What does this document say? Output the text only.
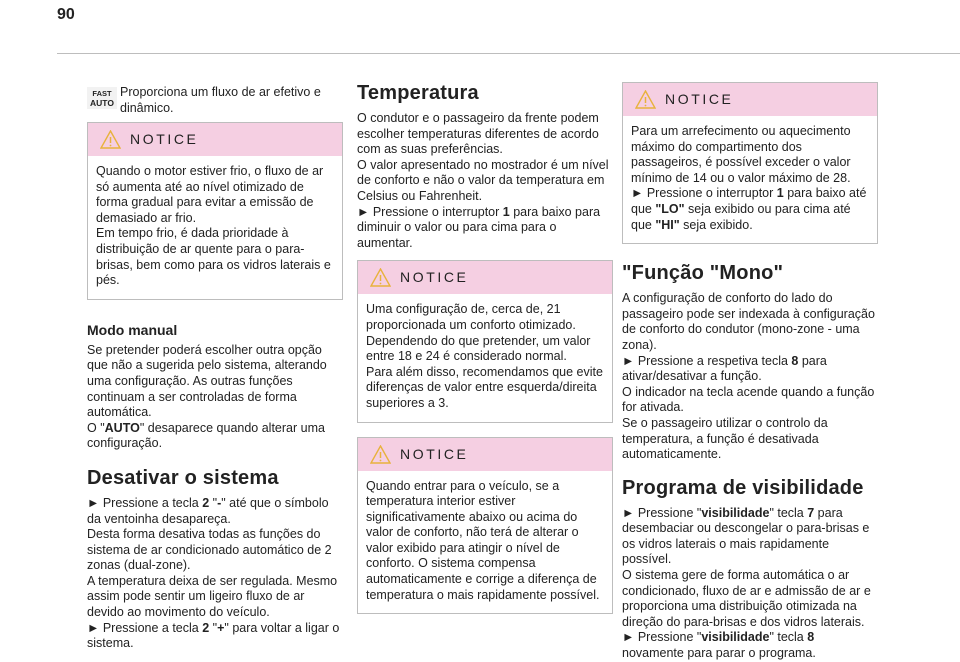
90
FAST
AUTO
Proporciona um fluxo de ar efetivo e dinâmico.
NOTICE
Quando o motor estiver frio, o fluxo de ar só aumenta até ao nível otimizado de forma gradual para evitar a emissão de demasiado ar frio.
Em tempo frio, é dada prioridade à distribuição de ar quente para o para-brisas, bem como para os vidros laterais e pés.
Modo manual

Se pretender poderá escolher outra opção que não a sugerida pelo sistema, alterando uma configuração. As outras funções continuam a ser controladas de forma automática.

O "AUTO" desaparece quando alterar uma configuração.

Desativar o sistema

► Pressione a tecla 2 "-" até que o símbolo da ventoinha desapareça.
Desta forma desativa todas as funções do sistema de ar condicionado automático de 2 zonas (dual-zone).
A temperatura deixa de ser regulada. Mesmo assim pode sentir um ligeiro fluxo de ar devido ao movimento do veículo.
► Pressione a tecla 2 "+" para voltar a ligar o sistema.

Temperatura

O condutor e o passageiro da frente podem escolher temperaturas diferentes de acordo com as suas preferências.
O valor apresentado no mostrador é um nível de conforto e não o valor da temperatura em Celsius ou Fahrenheit.
► Pressione o interruptor 1 para baixo para diminuir o valor ou para cima para o aumentar.

NOTICE
Uma configuração de, cerca de, 21 proporcionada um conforto otimizado. Dependendo do que pretender, um valor entre 18 e 24 é considerado normal.
Para além disso, recomendamos que evite diferenças de valor entre esquerda/direita superiores a 3.
NOTICE
Quando entrar para o veículo, se a temperatura interior estiver significativamente abaixo ou acima do valor de conforto, não terá de alterar o valor exibido para atingir o nível de conforto. O sistema compensa automaticamente e corrige a diferença de temperatura o mais rapidamente possível.
NOTICE
Para um arrefecimento ou aquecimento máximo do compartimento dos passageiros, é possível exceder o valor mínimo de 14 ou o valor máximo de 28.
► Pressione o interruptor 1 para baixo até que "LO" seja exibido ou para cima até que "HI" seja exibido.
"Função "Mono"

A configuração de conforto do lado do passageiro pode ser indexada à configuração de conforto do condutor (mono-zone - uma zona).
► Pressione a respetiva tecla 8 para ativar/desativar a função.
O indicador na tecla acende quando a função for ativada.
Se o passageiro utilizar o controlo da temperatura, a função é desativada automaticamente.

Programa de visibilidade

► Pressione "visibilidade" tecla 7 para desembaciar ou descongelar o para-brisas e os vidros laterais o mais rapidamente possível.
O sistema gere de forma automática o ar condicionado, fluxo de ar e admissão de ar e proporciona uma distribuição otimizada na direção do para-brisas e dos vidros laterais.
► Pressione "visibilidade" tecla 8 novamente para parar o programa.
